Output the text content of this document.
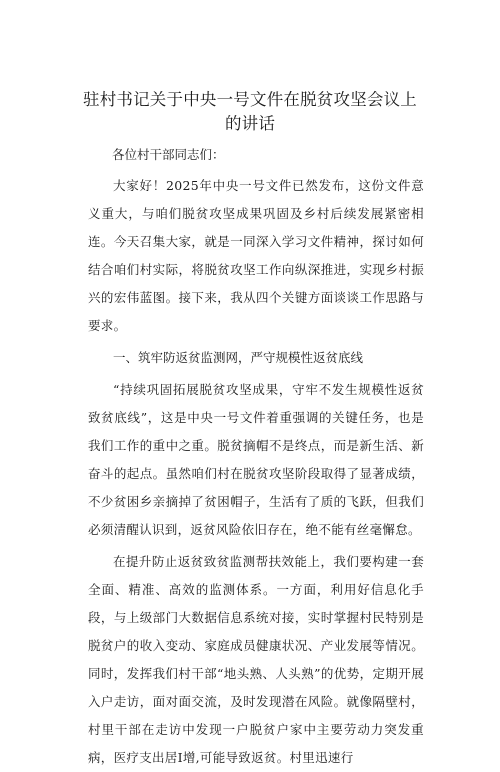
驻村书记关于中央一号文件在脱贫攻坚会议上
的讲话
各位村干部同志们：

大家好！2025年中央一号文件已然发布，这份文件意义重大，与咱们脱贫攻坚成果巩固及乡村后续发展紧密相连。今天召集大家，就是一同深入学习文件精神，探讨如何结合咱们村实际，将脱贫攻坚工作向纵深推进，实现乡村振兴的宏伟蓝图。接下来，我从四个关键方面谈谈工作思路与要求。

一、筑牢防返贫监测网，严守规模性返贫底线

“持续巩固拓展脱贫攻坚成果，守牢不发生规模性返贫致贫底线”，这是中央一号文件着重强调的关键任务，也是我们工作的重中之重。脱贫摘帽不是终点，而是新生活、新奋斗的起点。虽然咱们村在脱贫攻坚阶段取得了显著成绩，不少贫困乡亲摘掉了贫困帽子，生活有了质的飞跃，但我们必须清醒认识到，返贫风险依旧存在，绝不能有丝毫懈怠。

在提升防止返贫致贫监测帮扶效能上，我们要构建一套全面、精准、高效的监测体系。一方面，利用好信息化手段，与上级部门大数据信息系统对接，实时掌握村民特别是脱贫户的收入变动、家庭成员健康状况、产业发展等情况。同时，发挥我们村干部“地头熟、人头熟”的优势，定期开展入户走访，面对面交流，及时发现潜在风险。就像隔壁村，村里干部在走访中发现一户脱贫户家中主要劳动力突发重病，医疗支出居I增,可能导致返贫。村里迅速行
